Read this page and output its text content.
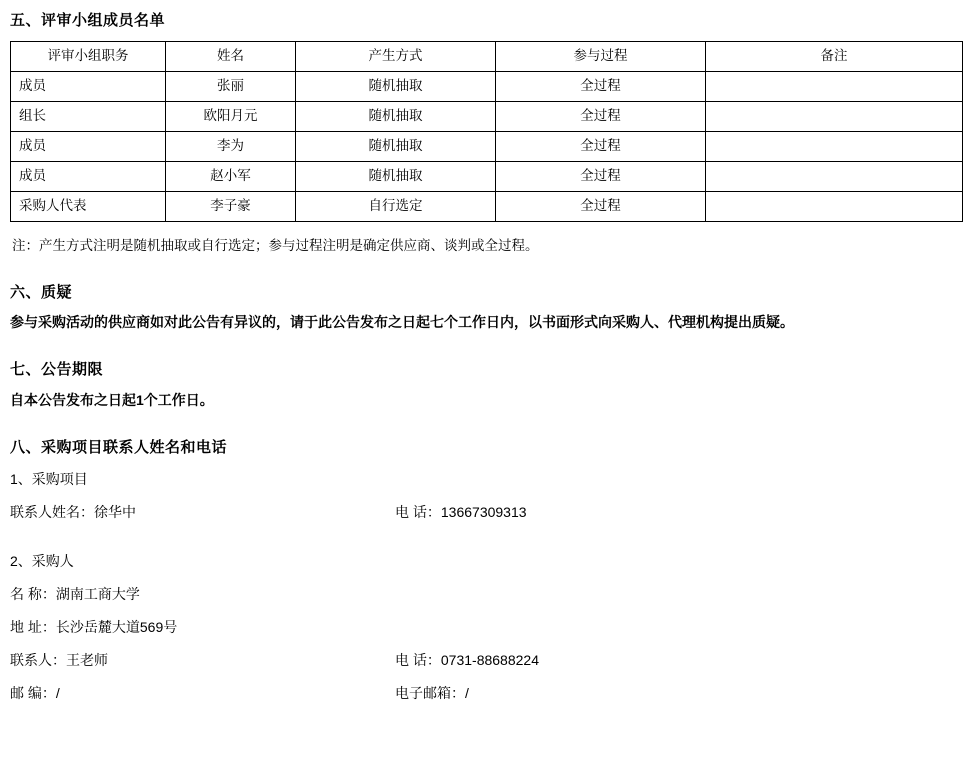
五、评审小组成员名单
评审小组职务	姓名	产生方式	参与过程	备注
成员	张丽	随机抽取	全过程	
组长	欧阳月元	随机抽取	全过程	
成员	李为	随机抽取	全过程	
成员	赵小军	随机抽取	全过程	
采购人代表	李子豪	自行选定	全过程	
注：产生方式注明是随机抽取或自行选定；参与过程注明是确定供应商、谈判或全过程。
六、质疑
参与采购活动的供应商如对此公告有异议的，请于此公告发布之日起七个工作日内，以书面形式向采购人、代理机构提出质疑。
七、公告期限
自本公告发布之日起1个工作日。
八、采购项目联系人姓名和电话
1、采购项目
联系人姓名：徐华中	电 话：13667309313
2、采购人
名 称：湖南工商大学
地 址：长沙岳麓大道569号
联系人：王老师	电 话：0731-88688224
邮 编：/	电子邮箱：/
